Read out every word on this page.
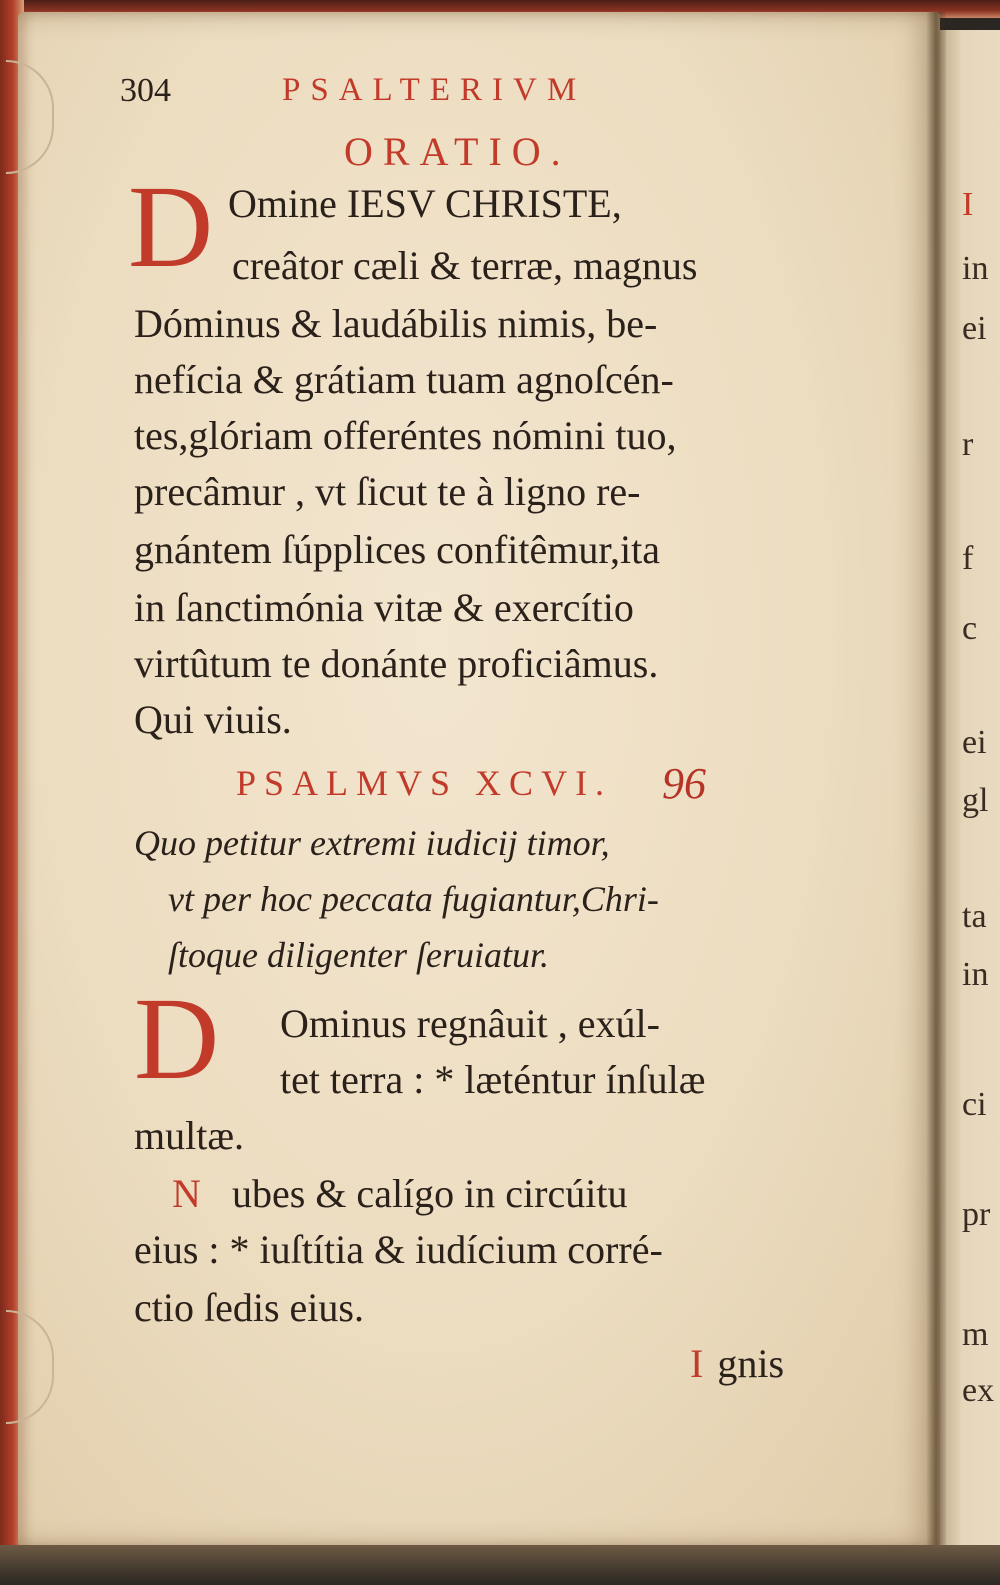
304	PSALTERIVM
ORATIO.
D Omine IESV CHRISTE,
creâtor cæli & terræ, magnus
Dóminus & laudábilis nimis, be-
nefícia & grátiam tuam agnoſcén-
tes,glóriam offeréntes nómini tuo,
precâmur , vt ſicut te à ligno re-
gnántem ſúpplices confitêmur,ita
in ſanctimónia vitæ & exercítio
virtûtum te donánte proficiâmus.
Qui viuis.
PSALMVS XCVI. 96
Quo petitur extremi iudicij timor,
vt per hoc peccata fugiantur,Chri-
ſtoque diligenter ſeruiatur.
D Ominus regnâuit , exúl-
tet terra : * læténtur ínſulæ
multæ.
N ubes & calígo in circúitu
eius : * iuſtítia & iudícium corré-
ctio ſedis eius.
I gnis
I
in
ei
r
f
c
ei
gl
ta
in
ci
pr
m
ex
